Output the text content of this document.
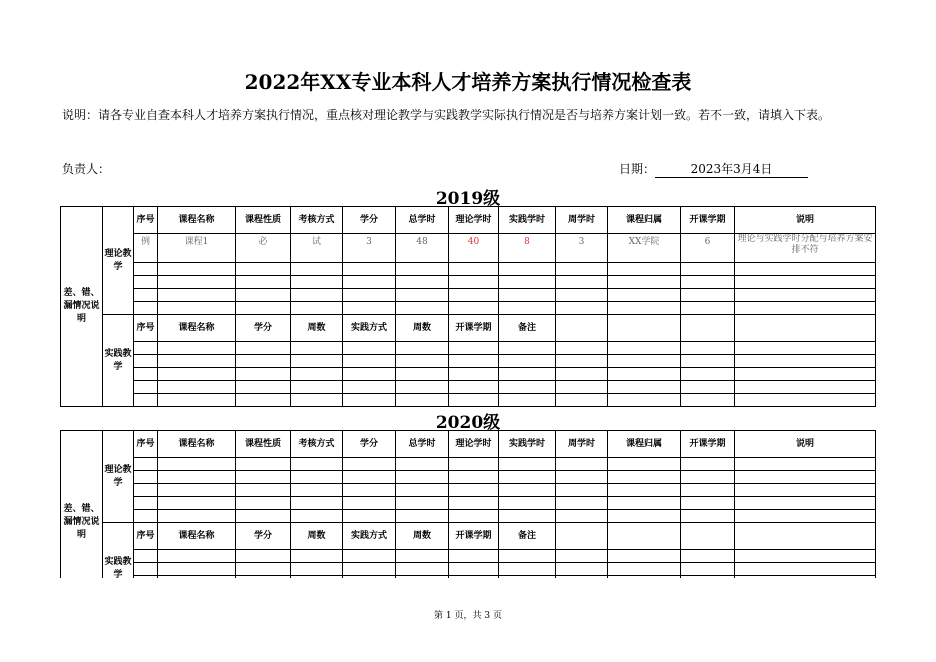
2022年XX专业本科人才培养方案执行情况检查表
说明：请各专业自查本科人才培养方案执行情况，重点核对理论教学与实践教学实际执行情况是否与培养方案计划一致。若不一致，请填入下表。
负责人：	日期：	2023年3月4日
2019级
差、错、漏情况说明	理论教学	序号	课程名称	课程性质	考核方式	学分	总学时	理论学时	实践学时	周学时	课程归属	开课学期	说明
		例	课程1	必	试	3	48	40	8	3	XX学院	6	理论与实践学时分配与培养方案安排不符

	实践教学	序号	课程名称	学分	周数	实践方式	周数	开课学期	备注				

2020级
差、错、漏情况说明	理论教学	序号	课程名称	课程性质	考核方式	学分	总学时	理论学时	实践学时	周学时	课程归属	开课学期	说明

	实践教学	序号	课程名称	学分	周数	实践方式	周数	开课学期	备注				

第 1 页，共 3 页
